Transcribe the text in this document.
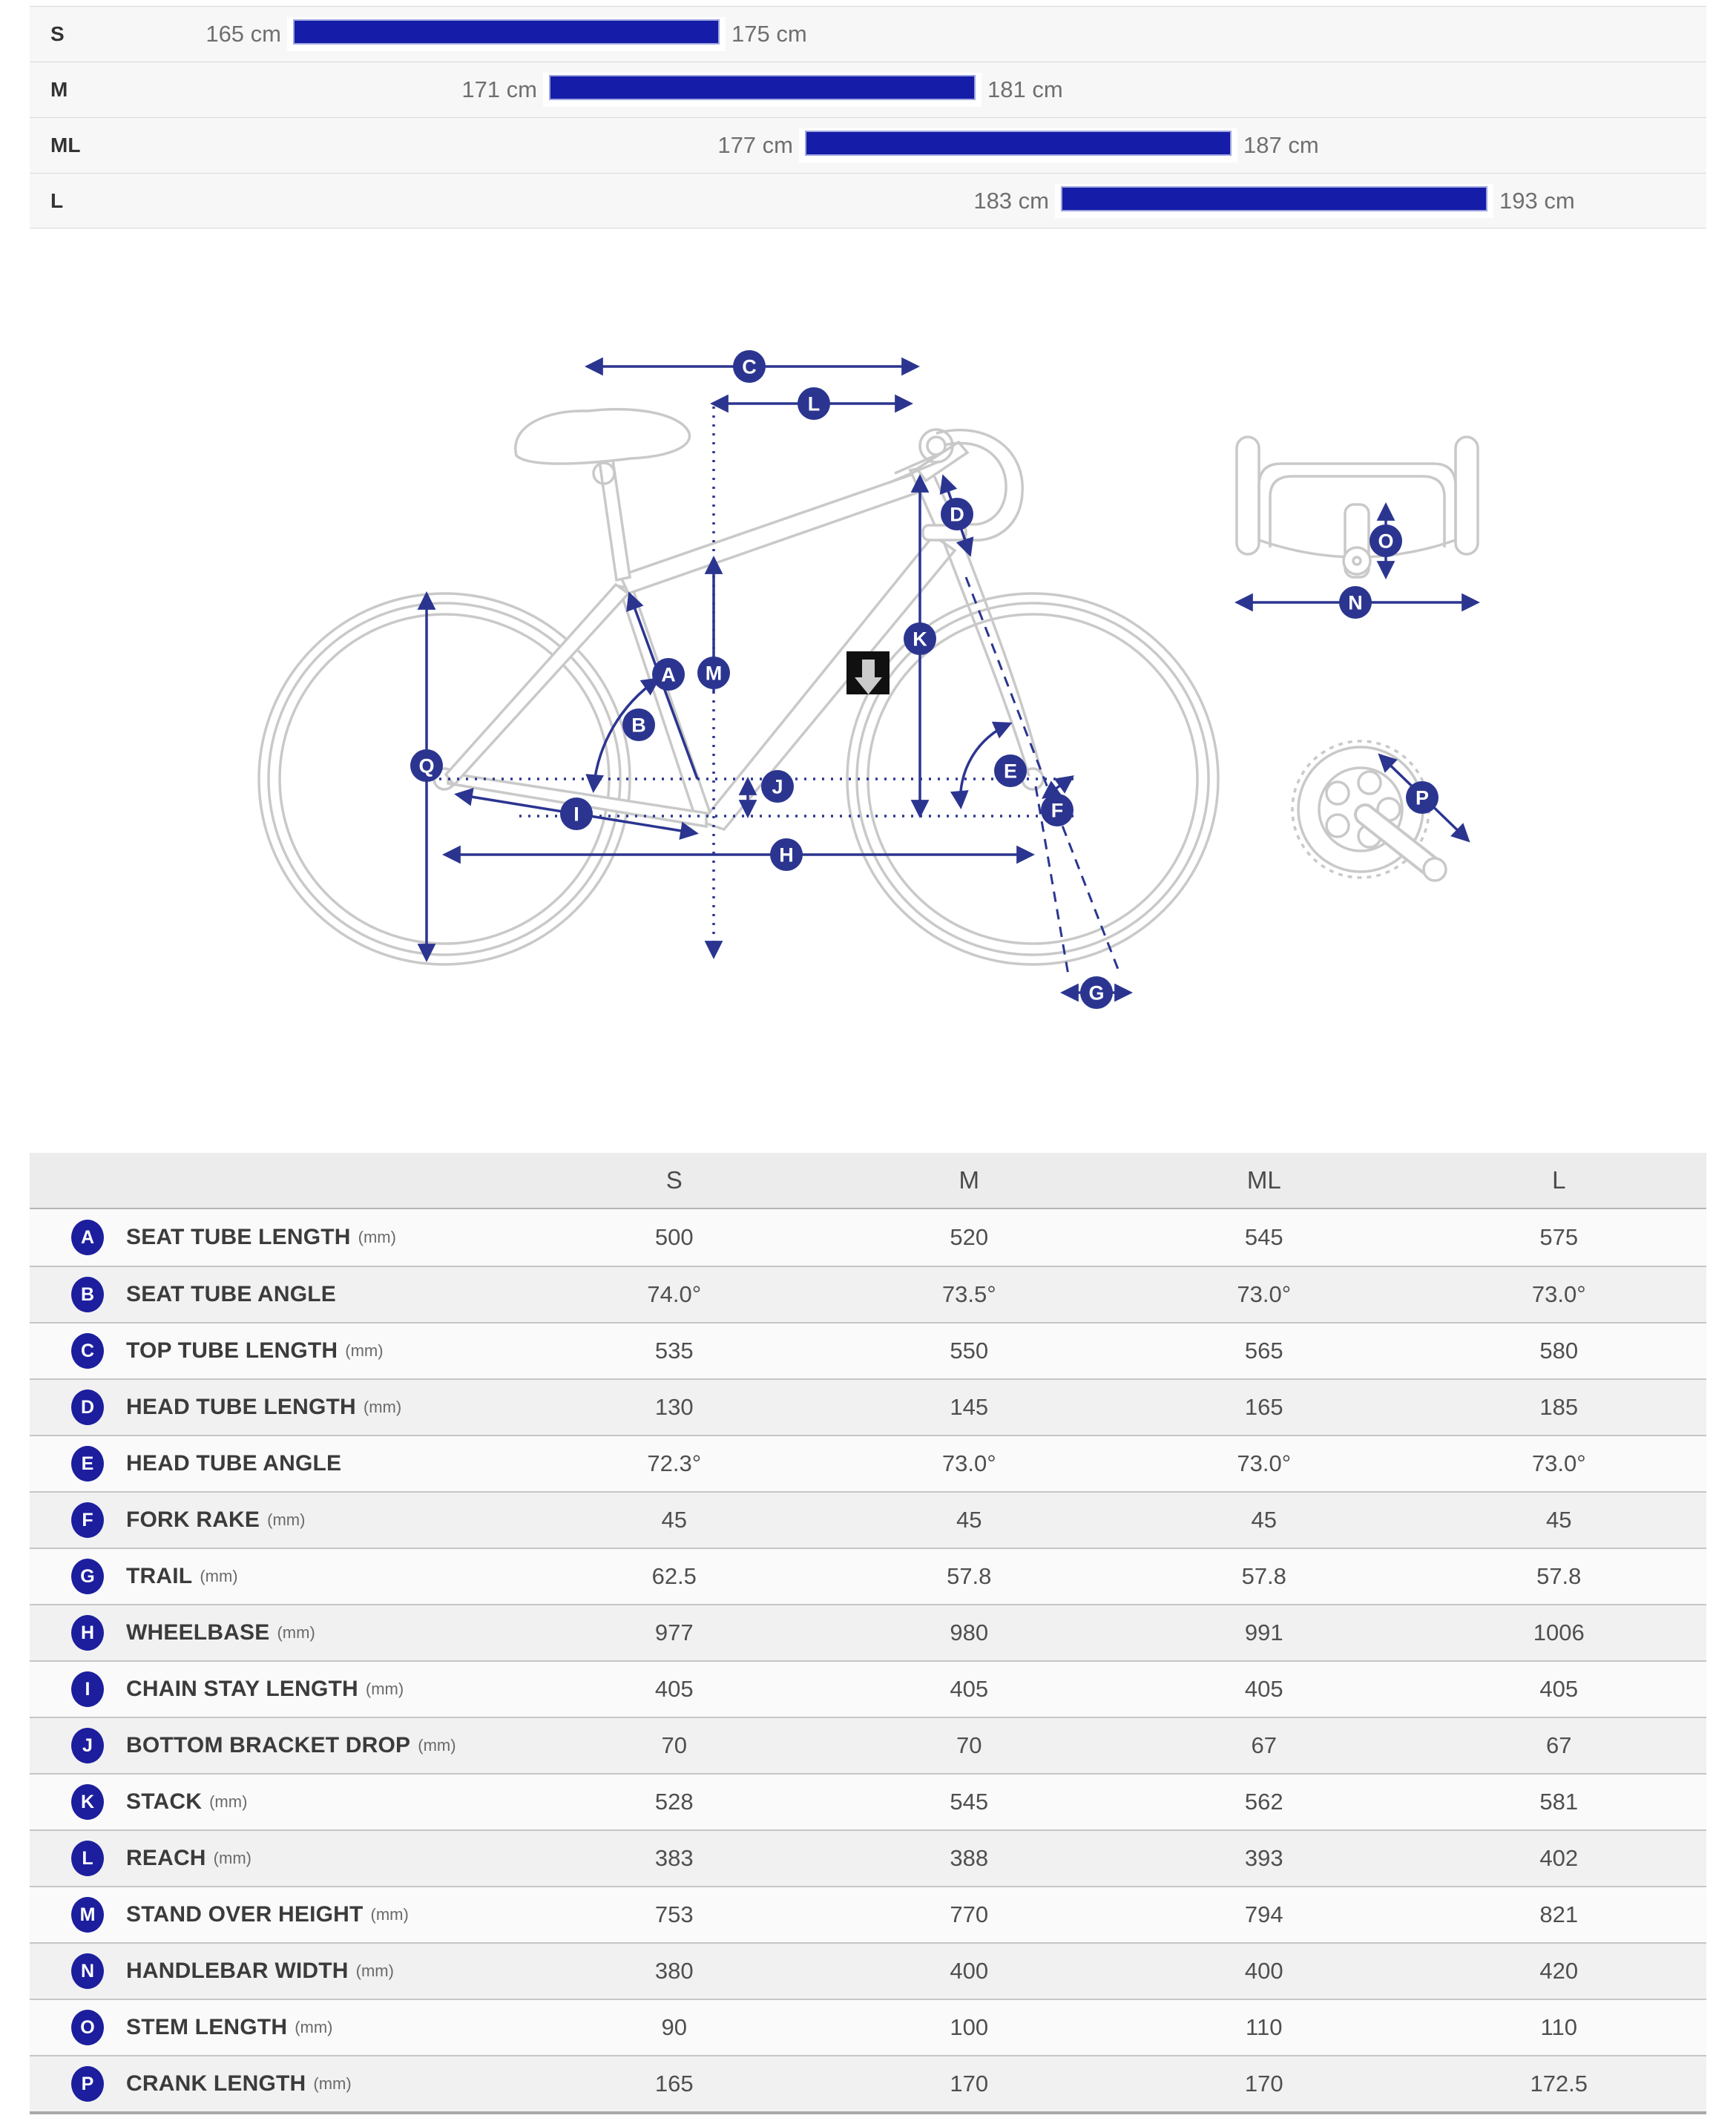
S	165 cm	175 cm
M	171 cm	181 cm
ML	177 cm	187 cm
L	183 cm	193 cm
C
L
D
A M
B
K
Q
J
E
F
I
H
G
O
N
P
S	M	ML	L
A	SEAT TUBE LENGTH (mm)	500	520	545	575
B	SEAT TUBE ANGLE	74.0°	73.5°	73.0°	73.0°
C	TOP TUBE LENGTH (mm)	535	550	565	580
D	HEAD TUBE LENGTH (mm)	130	145	165	185
E	HEAD TUBE ANGLE	72.3°	73.0°	73.0°	73.0°
F	FORK RAKE (mm)	45	45	45	45
G	TRAIL (mm)	62.5	57.8	57.8	57.8
H	WHEELBASE (mm)	977	980	991	1006
I	CHAIN STAY LENGTH (mm)	405	405	405	405
J	BOTTOM BRACKET DROP (mm)	70	70	67	67
K	STACK (mm)	528	545	562	581
L	REACH (mm)	383	388	393	402
M	STAND OVER HEIGHT (mm)	753	770	794	821
N	HANDLEBAR WIDTH (mm)	380	400	400	420
O	STEM LENGTH (mm)	90	100	110	110
P	CRANK LENGTH (mm)	165	170	170	172.5
